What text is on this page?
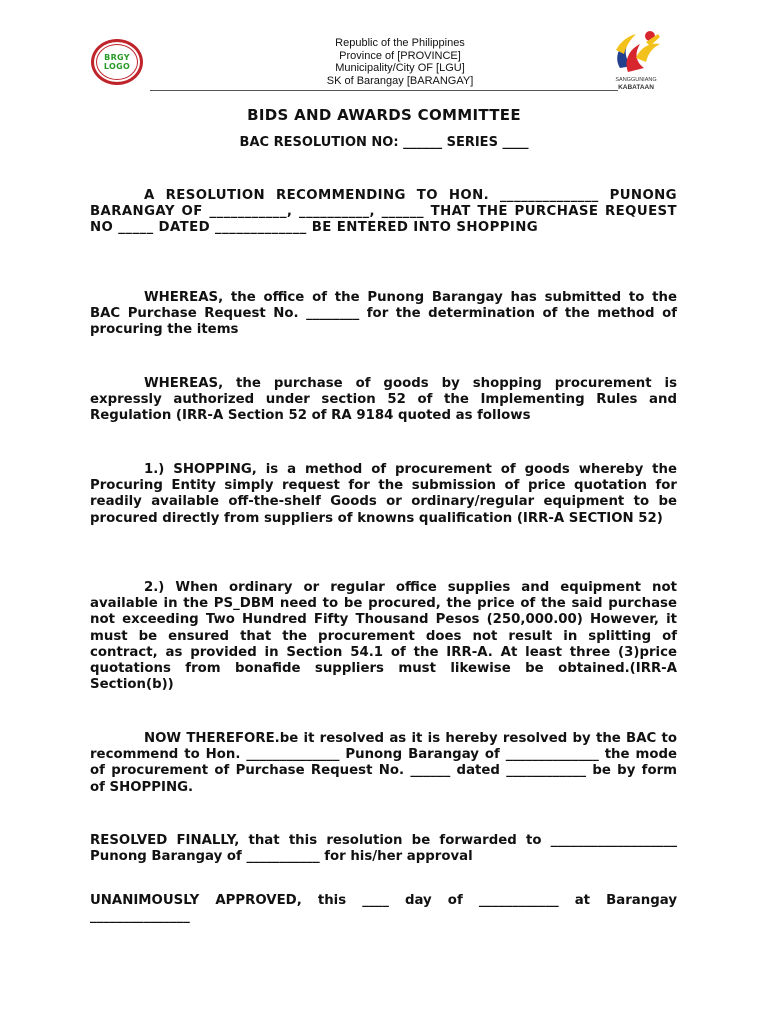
BRGY
LOGO
Republic of the Philippines
Province of [PROVINCE]
Municipality/City OF [LGU]
SK of Barangay [BARANGAY]	SANGGUNIANG
KABATAAN
BIDS AND AWARDS COMMITTEE
BAC RESOLUTION NO: ______ SERIES ____

A RESOLUTION RECOMMENDING TO HON. ______________ PUNONG BARANGAY OF ___________, __________, ______ THAT THE PURCHASE REQUEST NO _____ DATED _____________ BE ENTERED INTO SHOPPING

WHEREAS, the office of the Punong Barangay has submitted to the BAC Purchase Request No. ________ for the determination of the method of procuring the items

WHEREAS, the purchase of goods by shopping procurement is expressly authorized under section 52 of the Implementing Rules and Regulation (IRR-A Section 52 of RA 9184 quoted as follows

1.) SHOPPING, is a method of procurement of goods whereby the Procuring Entity simply request for the submission of price quotation for readily available off-the-shelf Goods or ordinary/regular equipment to be procured directly from suppliers of knowns qualification (IRR-A SECTION 52)

2.) When ordinary or regular office supplies and equipment not available in the PS_DBM need to be procured, the price of the said purchase not exceeding Two Hundred Fifty Thousand Pesos (250,000.00) However, it must be ensured that the procurement does not result in splitting of contract, as provided in Section 54.1 of the IRR-A. At least three (3)price quotations from bonafide suppliers must likewise be obtained.(IRR-A Section(b))

NOW THEREFORE.be it resolved as it is hereby resolved by the BAC to recommend to Hon. ______________ Punong Barangay of ______________ the mode of procurement of Purchase Request No. ______ dated ____________ be by form of SHOPPING.

RESOLVED FINALLY, that this resolution be forwarded to ___________________ Punong Barangay of ___________ for his/her approval

UNANIMOUSLY APPROVED, this ____ day of ____________ at Barangay _______________
